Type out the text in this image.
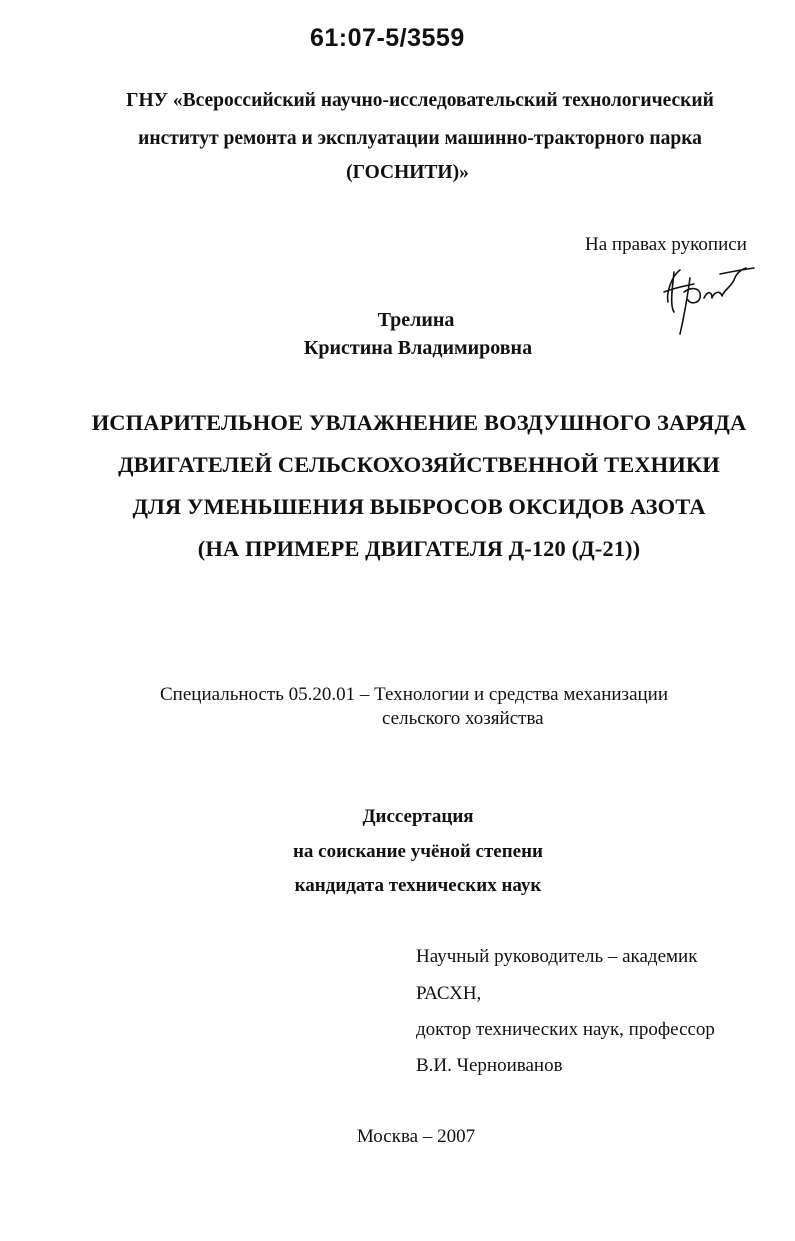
61:07-5/3559
ГНУ «Всероссийский научно-исследовательский технологический
институт ремонта и эксплуатации машинно-тракторного парка
(ГОСНИТИ)»
На правах рукописи
Трелина
Кристина Владимировна
ИСПАРИТЕЛЬНОЕ УВЛАЖНЕНИЕ ВОЗДУШНОГО ЗАРЯДА
ДВИГАТЕЛЕЙ СЕЛЬСКОХОЗЯЙСТВЕННОЙ ТЕХНИКИ
ДЛЯ УМЕНЬШЕНИЯ ВЫБРОСОВ ОКСИДОВ АЗОТА
(НА ПРИМЕРЕ ДВИГАТЕЛЯ Д-120 (Д-21))
Специальность 05.20.01 – Технологии и средства механизации
сельского хозяйства
Диссертация
на соискание учёной степени
кандидата технических наук
Научный руководитель – академик
РАСХН,
доктор технических наук, профессор
В.И. Черноиванов
Москва – 2007
